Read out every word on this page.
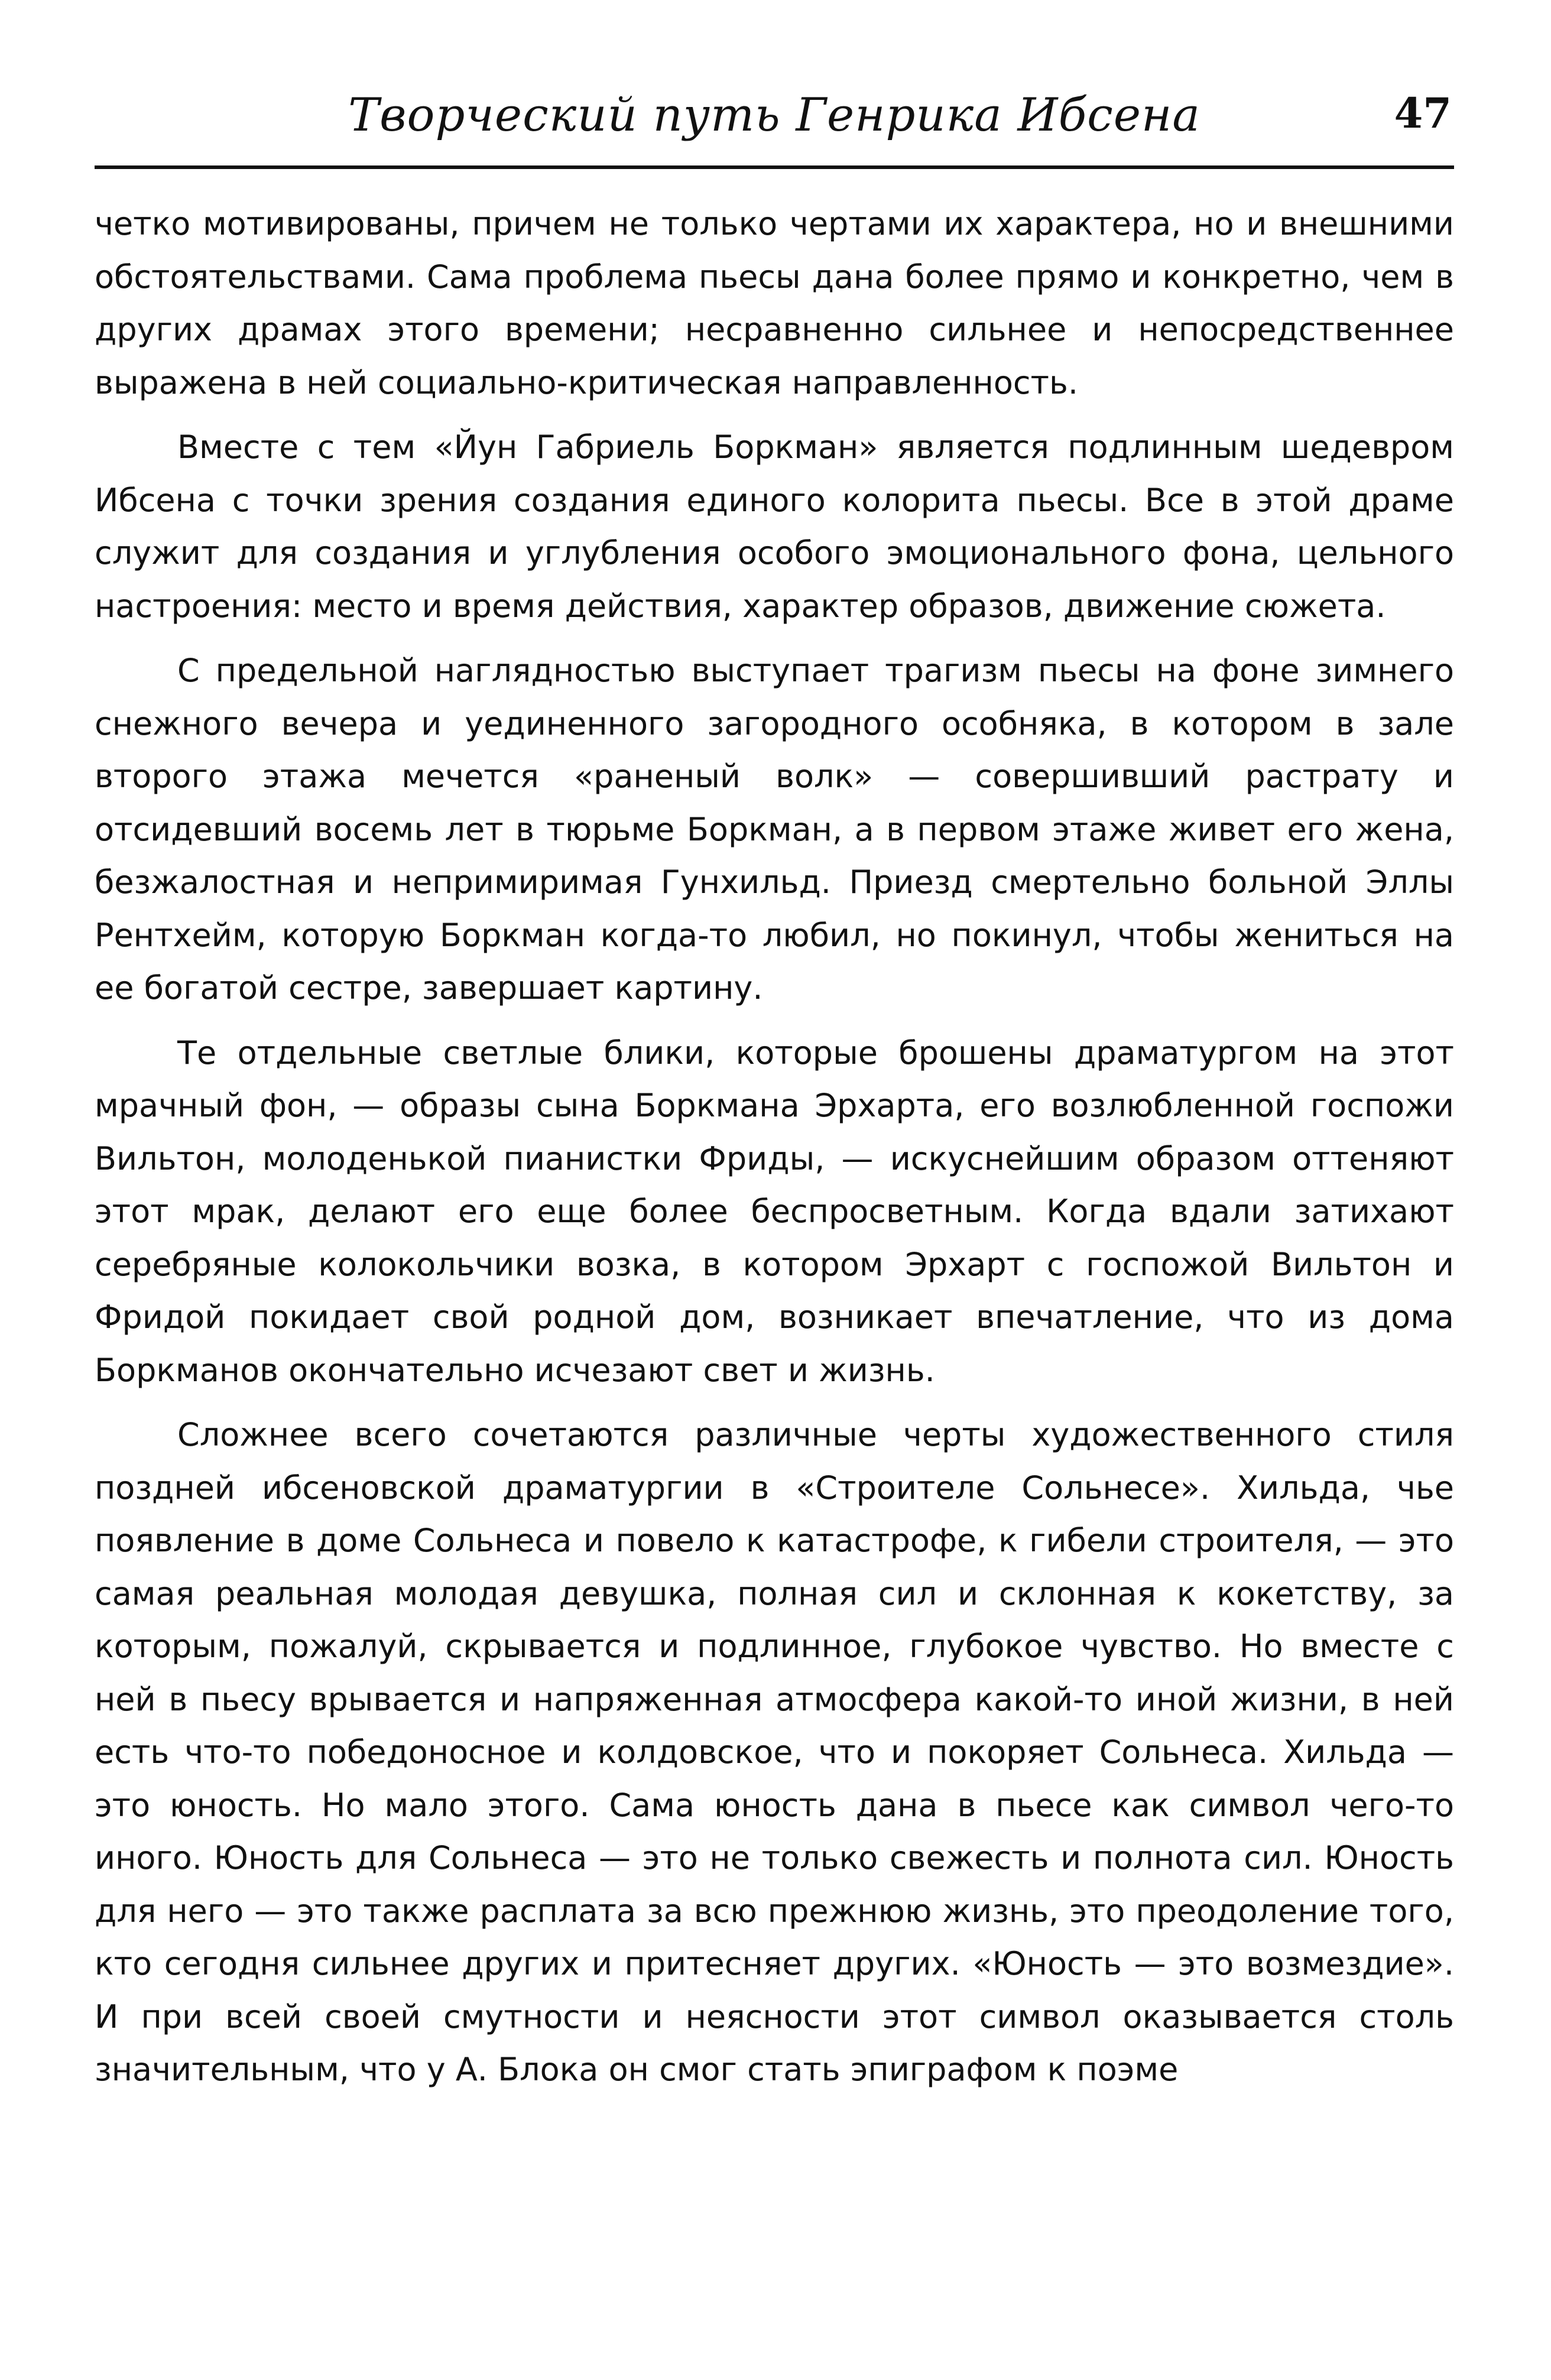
Творческий путь Генрика Ибсена	47

четко мотивированы, причем не только чертами их характера, но и внешними обстоятельствами. Сама проблема пьесы дана более прямо и конкретно, чем в других драмах этого времени; несравненно сильнее и непосредственнее выражена в ней социально-критическая направленность.

Вместе с тем «Йун Габриель Боркман» является подлинным шедевром Ибсена с точки зрения создания единого колорита пьесы. Все в этой драме служит для создания и углубления особого эмоционального фона, цельного настроения: место и время действия, характер образов, движение сюжета.

С предельной наглядностью выступает трагизм пьесы на фоне зимнего снежного вечера и уединенного загородного особняка, в котором в зале второго этажа мечется «раненый волк» — совершивший растрату и отсидевший восемь лет в тюрьме Боркман, а в первом этаже живет его жена, безжалостная и непримиримая Гунхильд. Приезд смертельно больной Эллы Рентхейм, которую Боркман когда-то любил, но покинул, чтобы жениться на ее богатой сестре, завершает картину.

Те отдельные светлые блики, которые брошены драматургом на этот мрачный фон, — образы сына Боркмана Эрхарта, его возлюбленной госпожи Вильтон, молоденькой пианистки Фриды, — искуснейшим образом оттеняют этот мрак, делают его еще более беспросветным. Когда вдали затихают серебряные колокольчики возка, в котором Эрхарт с госпожой Вильтон и Фридой покидает свой родной дом, возникает впечатление, что из дома Боркманов окончательно исчезают свет и жизнь.

Сложнее всего сочетаются различные черты художественного стиля поздней ибсеновской драматургии в «Строителе Сольнесе». Хильда, чье появление в доме Сольнеса и повело к катастрофе, к гибели строителя, — это самая реальная молодая девушка, полная сил и склонная к кокетству, за которым, пожалуй, скрывается и подлинное, глубокое чувство. Но вместе с ней в пьесу врывается и напряженная атмосфера какой-то иной жизни, в ней есть что-то победоносное и колдовское, что и покоряет Сольнеса. Хильда — это юность. Но мало этого. Сама юность дана в пьесе как символ чего-то иного. Юность для Сольнеса — это не только свежесть и полнота сил. Юность для него — это также расплата за всю прежнюю жизнь, это преодоление того, кто сегодня сильнее других и притесняет других. «Юность — это возмездие». И при всей своей смутности и неясности этот символ оказывается столь значительным, что у А. Блока он смог стать эпиграфом к поэме
